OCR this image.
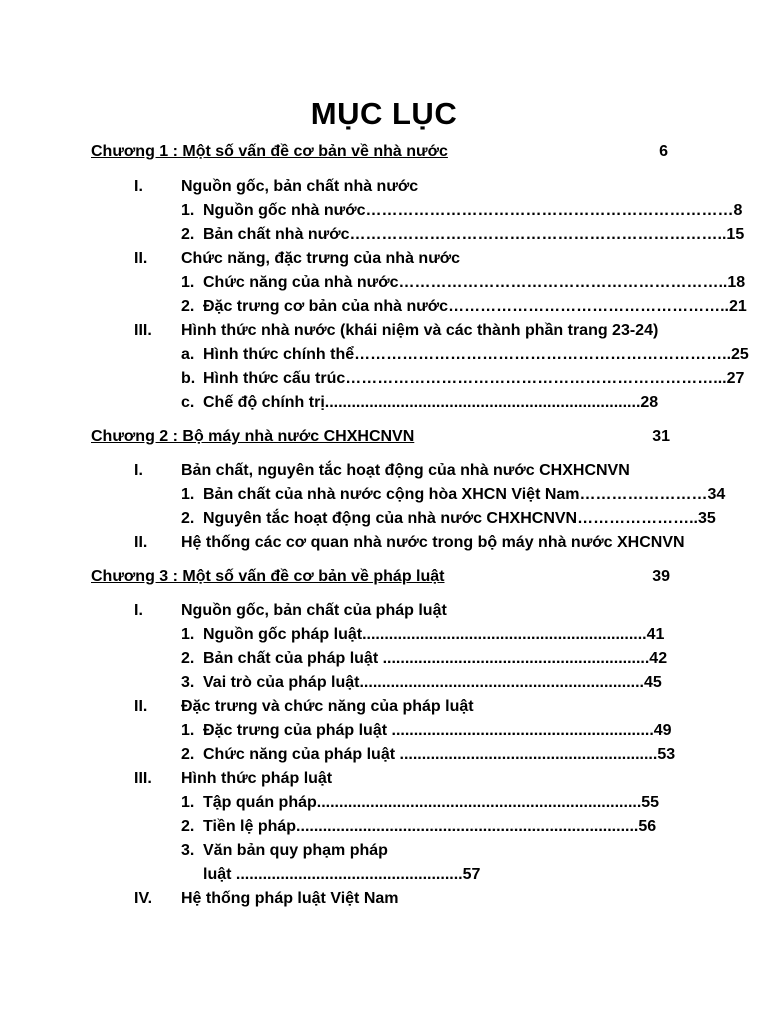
MỤC LỤC
Chương 1 : Một số vấn đề cơ bản về nhà nước	6
I. Nguồn gốc, bản chất nhà nước
1. Nguồn gốc nhà nước……………………………………………………………8
2. Bản chất nhà nước……………………………………………………………..15
II. Chức năng, đặc trưng của nhà nước
1. Chức năng của nhà nước……………………………………………………..18
2. Đặc trưng cơ bản của nhà nước……………………………………………..21
III. Hình thức nhà nước (khái niệm và các thành phần trang 23-24)
a. Hình thức chính thể……………………………………………………………..25
b. Hình thức cấu trúc……………………………………………………………...27
c. Chế độ chính trị.......................................................................28
Chương 2 : Bộ máy nhà nước CHXHCNVN	31
I. Bản chất, nguyên tắc hoạt động của nhà nước CHXHCNVN
1. Bản chất của nhà nước cộng hòa XHCN Việt Nam……………………34
2. Nguyên tắc hoạt động của nhà nước CHXHCNVN…………………..35
II. Hệ thống các cơ quan nhà nước trong bộ máy nhà nước XHCNVN
Chương 3 : Một số vấn đề cơ bản về pháp luật	39
I. Nguồn gốc, bản chất của pháp luật
1. Nguồn gốc pháp luật................................................................41
2. Bản chất của pháp luật ............................................................42
3. Vai trò của pháp luật................................................................45
II. Đặc trưng và chức năng của pháp luật
1. Đặc trưng của pháp luật ...........................................................49
2. Chức năng của pháp luật ..........................................................53
III. Hình thức pháp luật
1. Tập quán pháp.........................................................................55
2. Tiền lệ pháp.............................................................................56
3. Văn bản quy phạm pháp
luật ...................................................57
IV. Hệ thống pháp luật Việt Nam
